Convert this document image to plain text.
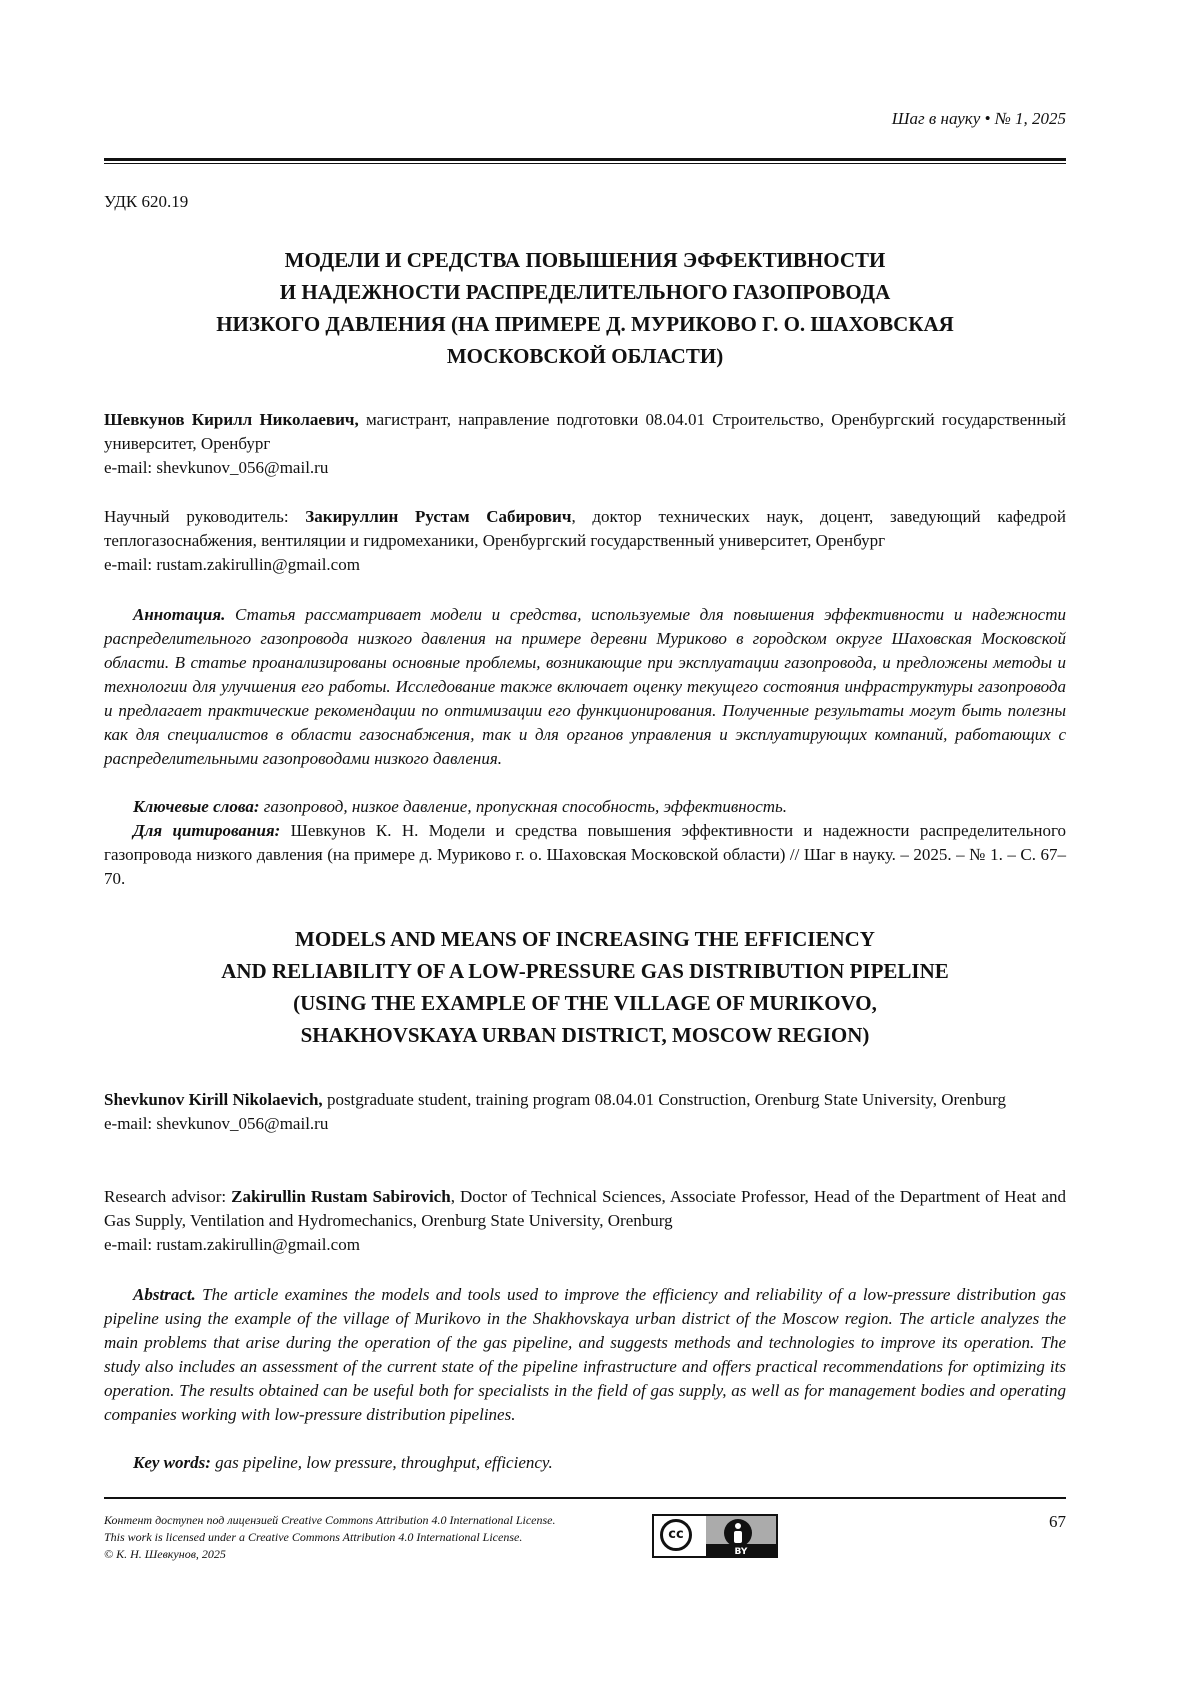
Шаг в науку • № 1, 2025
УДК 620.19
МОДЕЛИ И СРЕДСТВА ПОВЫШЕНИЯ ЭФФЕКТИВНОСТИ
И НАДЕЖНОСТИ РАСПРЕДЕЛИТЕЛЬНОГО ГАЗОПРОВОДА
НИЗКОГО ДАВЛЕНИЯ (НА ПРИМЕРЕ Д. МУРИКОВО Г. О. ШАХОВСКАЯ
МОСКОВСКОЙ ОБЛАСТИ)

Шевкунов Кирилл Николаевич, магистрант, направление подготовки 08.04.01 Строительство, Оренбургский государственный университет, Оренбург

e-mail: shevkunov_056@mail.ru

Научный руководитель: Закируллин Рустам Сабирович, доктор технических наук, доцент, заведующий кафедрой теплогазоснабжения, вентиляции и гидромеханики, Оренбургский государственный университет, Оренбург

e-mail: rustam.zakirullin@gmail.com

Аннотация. Статья рассматривает модели и средства, используемые для повышения эффективности и надежности распределительного газопровода низкого давления на примере деревни Мурикoво в городском округе Шаховская Московской области. В статье проанализированы основные проблемы, возникающие при эксплуатации газопровода, и предложены методы и технологии для улучшения его работы. Исследование также включает оценку текущего состояния инфраструктуры газопровода и предлагает практические рекомендации по оптимизации его функционирования. Полученные результаты могут быть полезны как для специалистов в области газоснабжения, так и для органов управления и эксплуатирующих компаний, работающих с распределительными газопроводами низкого давления.
Ключевые слова: газопровод, низкое давление, пропускная способность, эффективность.
Для цитирования: Шевкунов К. Н. Модели и средства повышения эффективности и надежности распределительного газопровода низкого давления (на примере д. Мурикoво г. о. Шаховская Московской области) // Шаг в науку. – 2025. – № 1. – С. 67–70.
MODELS AND MEANS OF INCREASING THE EFFICIENCY
AND RELIABILITY OF A LOW-PRESSURE GAS DISTRIBUTION PIPELINE
(USING THE EXAMPLE OF THE VILLAGE OF MURIKOVO,
SHAKHOVSKAYA URBAN DISTRICT, MOSCOW REGION)

Shevkunov Kirill Nikolaevich, postgraduate student, training program 08.04.01 Construction, Orenburg State University, Orenburg

e-mail: shevkunov_056@mail.ru

Research advisor: Zakirullin Rustam Sabirovich, Doctor of Technical Sciences, Associate Professor, Head of the Department of Heat and Gas Supply, Ventilation and Hydromechanics, Orenburg State University, Orenburg

e-mail: rustam.zakirullin@gmail.com

Abstract. The article examines the models and tools used to improve the efficiency and reliability of a low-pressure distribution gas pipeline using the example of the village of Murikovo in the Shakhovskaya urban district of the Moscow region. The article analyzes the main problems that arise during the operation of the gas pipeline, and suggests methods and technologies to improve its operation. The study also includes an assessment of the current state of the pipeline infrastructure and offers practical recommendations for optimizing its operation. The results obtained can be useful both for specialists in the field of gas supply, as well as for management bodies and operating companies working with low-pressure distribution pipelines.
Key words: gas pipeline, low pressure, throughput, efficiency.

Контент доступен под лицензией Creative Commons Attribution 4.0 International License.

This work is licensed under a Creative Commons Attribution 4.0 International License.

© К. Н. Шевкунов, 2025

cc
BY
67
